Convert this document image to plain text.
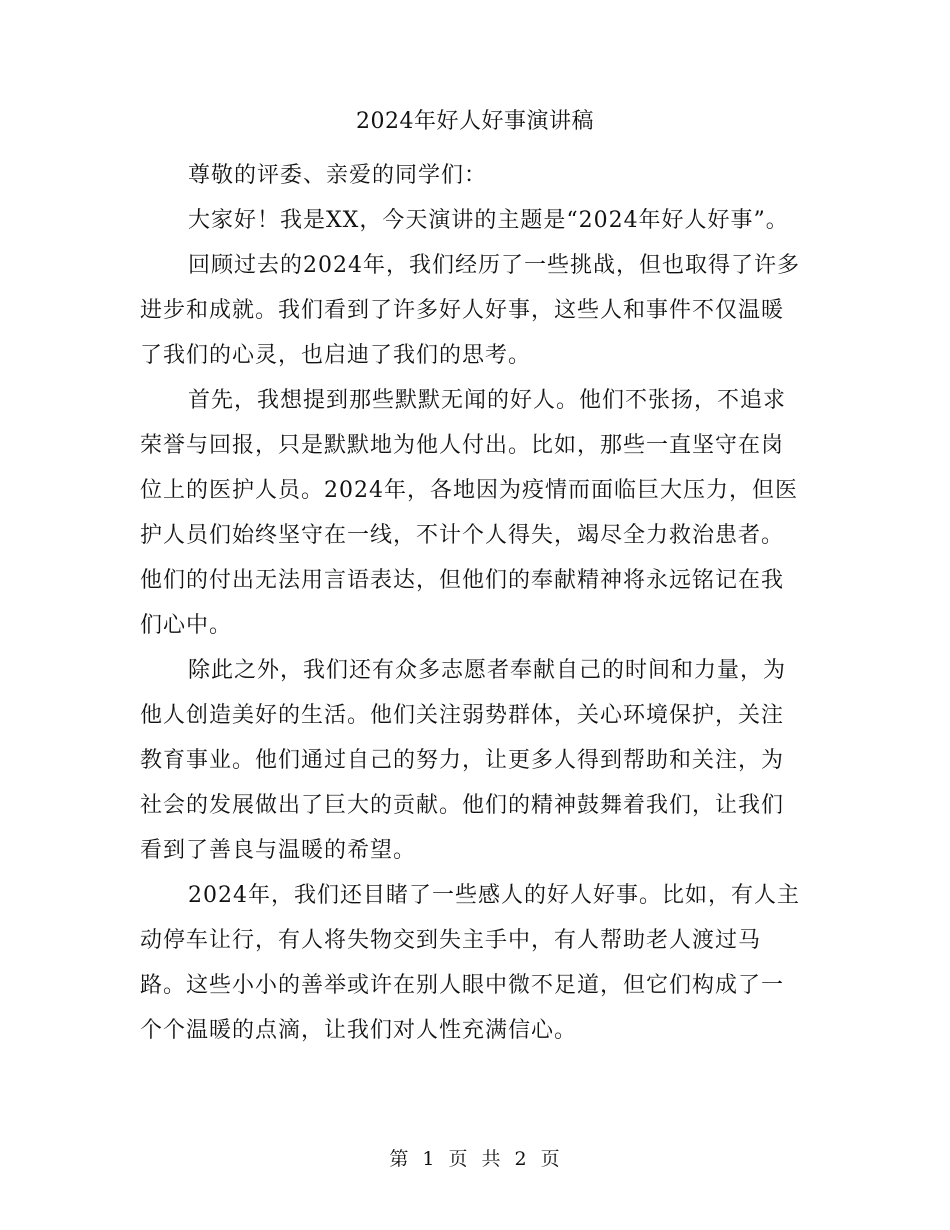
2024年好人好事演讲稿

尊敬的评委、亲爱的同学们：

大家好！我是XX，今天演讲的主题是“2024年好人好事”。

回顾过去的2024年，我们经历了一些挑战，但也取得了许多
进步和成就。我们看到了许多好人好事，这些人和事件不仅温暖
了我们的心灵，也启迪了我们的思考。

首先，我想提到那些默默无闻的好人。他们不张扬，不追求
荣誉与回报，只是默默地为他人付出。比如，那些一直坚守在岗
位上的医护人员。2024年，各地因为疫情而面临巨大压力，但医
护人员们始终坚守在一线，不计个人得失，竭尽全力救治患者。
他们的付出无法用言语表达，但他们的奉献精神将永远铭记在我
们心中。

除此之外，我们还有众多志愿者奉献自己的时间和力量，为
他人创造美好的生活。他们关注弱势群体，关心环境保护，关注
教育事业。他们通过自己的努力，让更多人得到帮助和关注，为
社会的发展做出了巨大的贡献。他们的精神鼓舞着我们，让我们
看到了善良与温暖的希望。

2024年，我们还目睹了一些感人的好人好事。比如，有人主
动停车让行，有人将失物交到失主手中，有人帮助老人渡过马
路。这些小小的善举或许在别人眼中微不足道，但它们构成了一
个个温暖的点滴，让我们对人性充满信心。

第 1 页 共 2 页
